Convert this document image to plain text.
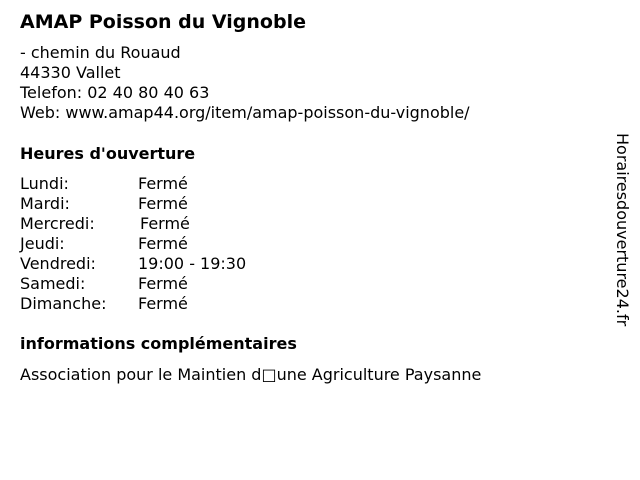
AMAP Poisson du Vignoble
- chemin du Rouaud
44330 Vallet
Telefon: 02 40 80 40 63
Web: www.amap44.org/item/amap-poisson-du-vignoble/
Heures d'ouverture
Lundi:	Fermé
Mardi:	Fermé
Mercredi:	Fermé
Jeudi:	Fermé
Vendredi:	19:00 - 19:30
Samedi:	Fermé
Dimanche: Fermé
informations complémentaires
Association pour le Maintien d□une Agriculture Paysanne
Horairesdouverture24.fr
